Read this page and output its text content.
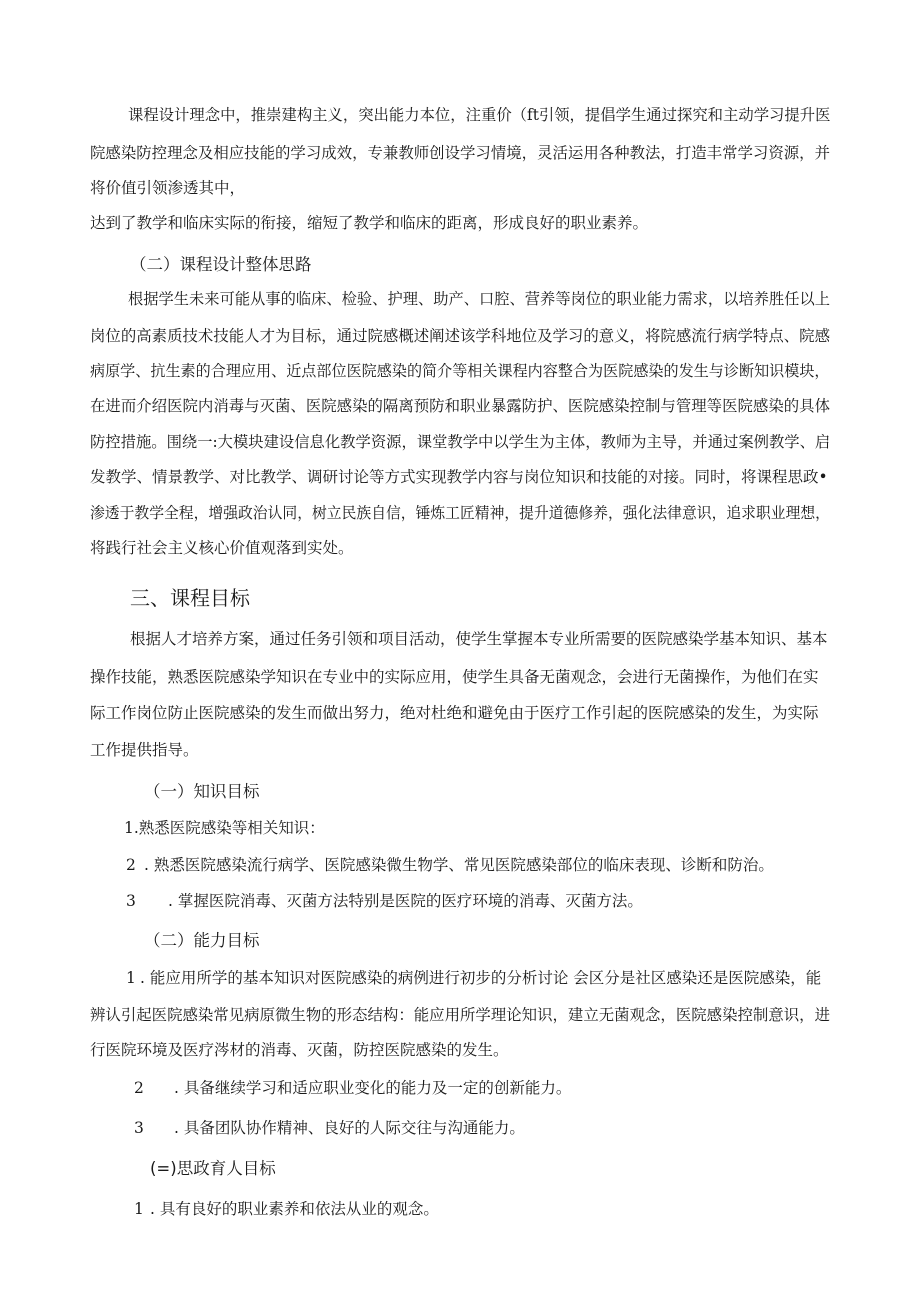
课程设计理念中，推崇建构主义，突出能力本位，注重价（ft引领，提倡学生通过探究和主动学习提升医
院感染防控理念及相应技能的学习成效，专兼教师创设学习情境，灵活运用各种教法，打造丰常学习资源，并
将价值引领渗透其中，
达到了教学和临床实际的衔接，缩短了教学和临床的距离，形成良好的职业素养。
（二）课程设计整体思路
根据学生未来可能从事的临床、检验、护理、助产、口腔、营养等岗位的职业能力需求，以培养胜任以上
岗位的高素质技术技能人才为目标，通过院感概述阐述该学科地位及学习的意义，将院感流行病学特点、院感
病原学、抗生素的合理应用、近点部位医院感染的简介等相关课程内容整合为医院感染的发生与诊断知识模块，
在进而介绍医院内消毒与灭菌、医院感染的隔离预防和职业暴露防护、医院感染控制与管理等医院感染的具体
防控措施。围绕一:大模块建设信息化教学资源，课堂教学中以学生为主体，教师为主导，并通过案例教学、启
发教学、情景教学、对比教学、调研讨论等方式实现教学内容与岗位知识和技能的对接。同时，将课程思政•
渗透于教学全程，增强政治认同，树立民族自信，锤炼工匠精神，提升道德修养，强化法律意识，追求职业理想，
将践行社会主义核心价值观落到实处。
三、课程目标
根据人才培养方案，通过任务引领和项目活动，使学生掌握本专业所需要的医院感染学基本知识、基本
操作技能，熟悉医院感染学知识在专业中的实际应用，使学生具备无菌观念，会进行无菌操作，为他们在实
际工作岗位防止医院感染的发生而做出努力，绝对杜绝和避免由于医疗工作引起的医院感染的发生，为实际
工作提供指导。
（一）知识目标
1.熟悉医院感染等相关知识：
2 . 熟悉医院感染流行病学、医院感染微生物学、常见医院感染部位的临床表现、诊断和防治。
3 . 掌握医院消毒、灭菌方法特别是医院的医疗环境的消毒、灭菌方法。
（二）能力目标
1 . 能应用所学的基本知识对医院感染的病例进行初步的分析讨论 会区分是社区感染还是医院感染，能
辨认引起医院感染常见病原微生物的形态结构：能应用所学理论知识，建立无菌观念，医院感染控制意识，进
行医院环境及医疗涔材的消毒、灭菌，防控医院感染的发生。
2 . 具备继续学习和适应职业变化的能力及一定的创新能力。
3 . 具备团队协作精神、良好的人际交往与沟通能力。
(=)思政育人目标
1 . 具有良好的职业素养和依法从业的观念。
